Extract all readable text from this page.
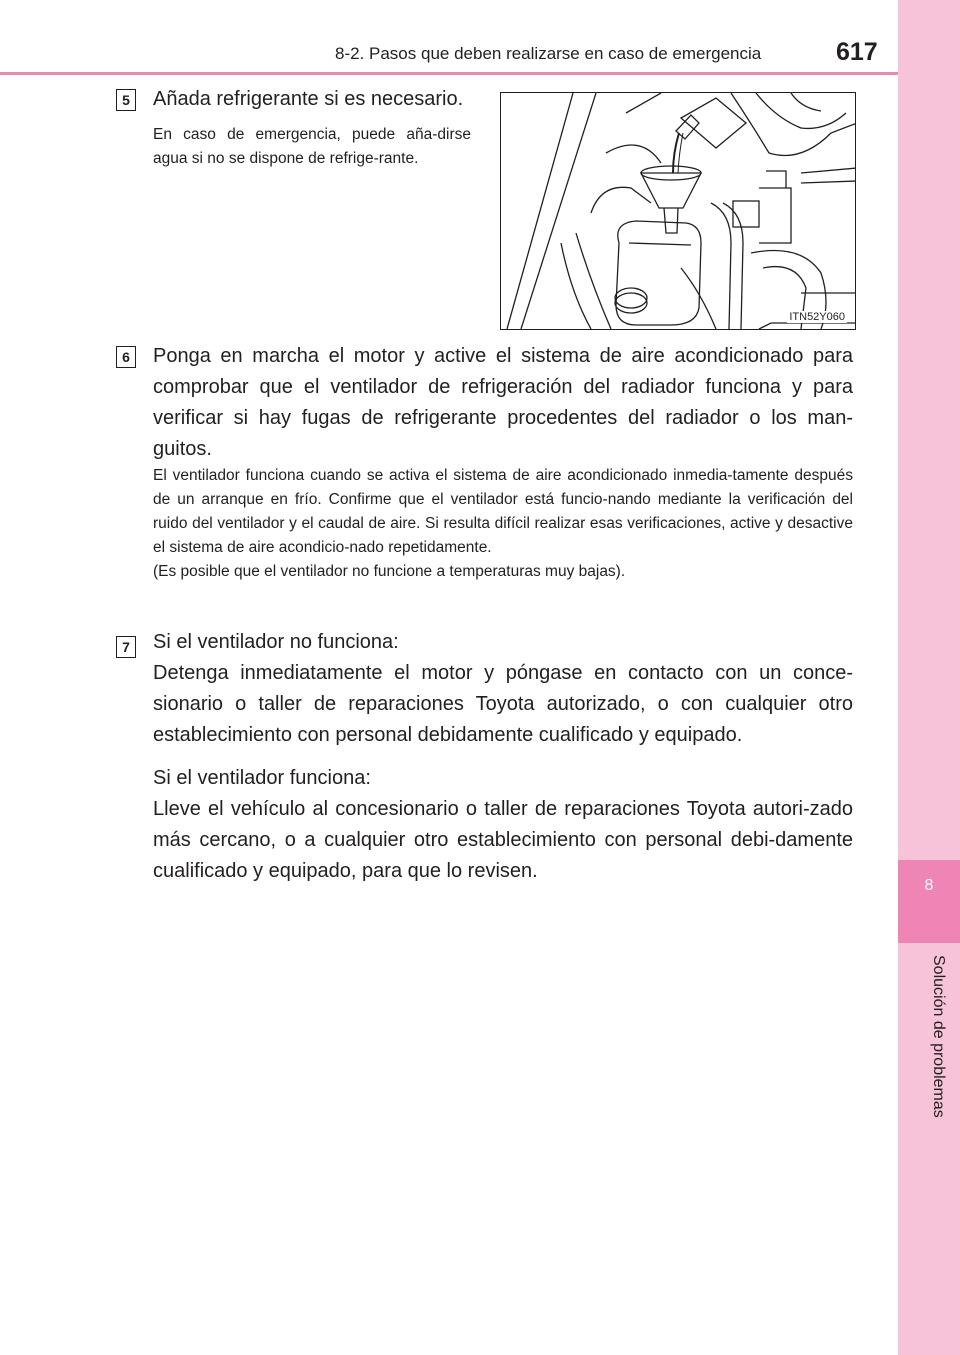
8-2. Pasos que deben realizarse en caso de emergencia	617
8
Solución de problemas
5	Añada refrigerante si es necesario.
En caso de emergencia, puede aña-dirse agua si no se dispone de refrige-rante.
ITN52Y060
6	Ponga en marcha el motor y active el sistema de aire acondicionado para comprobar que el ventilador de refrigeración del radiador funciona y para verificar si hay fugas de refrigerante procedentes del radiador o los man-guitos.

El ventilador funciona cuando se activa el sistema de aire acondicionado inmedia-tamente después de un arranque en frío. Confirme que el ventilador está funcio-nando mediante la verificación del ruido del ventilador y el caudal de aire. Si resulta difícil realizar esas verificaciones, active y desactive el sistema de aire acondicio-nado repetidamente.

(Es posible que el ventilador no funcione a temperaturas muy bajas).

7	Si el ventilador no funciona:

Detenga inmediatamente el motor y póngase en contacto con un conce-sionario o taller de reparaciones Toyota autorizado, o con cualquier otro establecimiento con personal debidamente cualificado y equipado.

Si el ventilador funciona:

Lleve el vehículo al concesionario o taller de reparaciones Toyota autori-zado más cercano, o a cualquier otro establecimiento con personal debi-damente cualificado y equipado, para que lo revisen.
